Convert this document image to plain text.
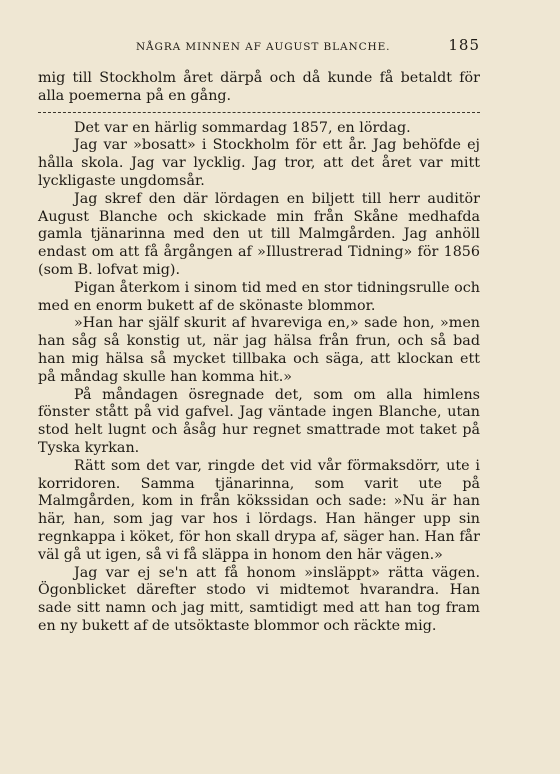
NÅGRA MINNEN AF AUGUST BLANCHE.	185

mig till Stockholm året därpå och då kunde få betaldt för alla poemerna på en gång.

Det var en härlig sommardag 1857, en lördag.

Jag var »bosatt» i Stockholm för ett år. Jag behöfde ej hålla skola. Jag var lycklig. Jag tror, att det året var mitt lyckligaste ungdomsår.

Jag skref den där lördagen en biljett till herr auditör August Blanche och skickade min från Skåne medhafda gamla tjänarinna med den ut till Malmgården. Jag anhöll endast om att få årgången af »Illustrerad Tidning» för 1856 (som B. lofvat mig).

Pigan återkom i sinom tid med en stor tidningsrulle och med en enorm bukett af de skönaste blommor.

»Han har själf skurit af hvareviga en,» sade hon, »men han såg så konstig ut, när jag hälsa från frun, och så bad han mig hälsa så mycket tillbaka och säga, att klockan ett på måndag skulle han komma hit.»

På måndagen ösregnade det, som om alla himlens fönster stått på vid gafvel. Jag väntade ingen Blanche, utan stod helt lugnt och åsåg hur regnet smattrade mot taket på Tyska kyrkan.

Rätt som det var, ringde det vid vår förmaksdörr, ute i korridoren. Samma tjänarinna, som varit ute på Malmgården, kom in från kökssidan och sade: »Nu är han här, han, som jag var hos i lördags. Han hänger upp sin regnkappa i köket, för hon skall drypa af, säger han. Han får väl gå ut igen, så vi få släppa in honom den här vägen.»

Jag var ej se'n att få honom »insläppt» rätta vägen. Ögonblicket därefter stodo vi midtemot hvarandra. Han sade sitt namn och jag mitt, samtidigt med att han tog fram en ny bukett af de utsöktaste blommor och räckte mig.
